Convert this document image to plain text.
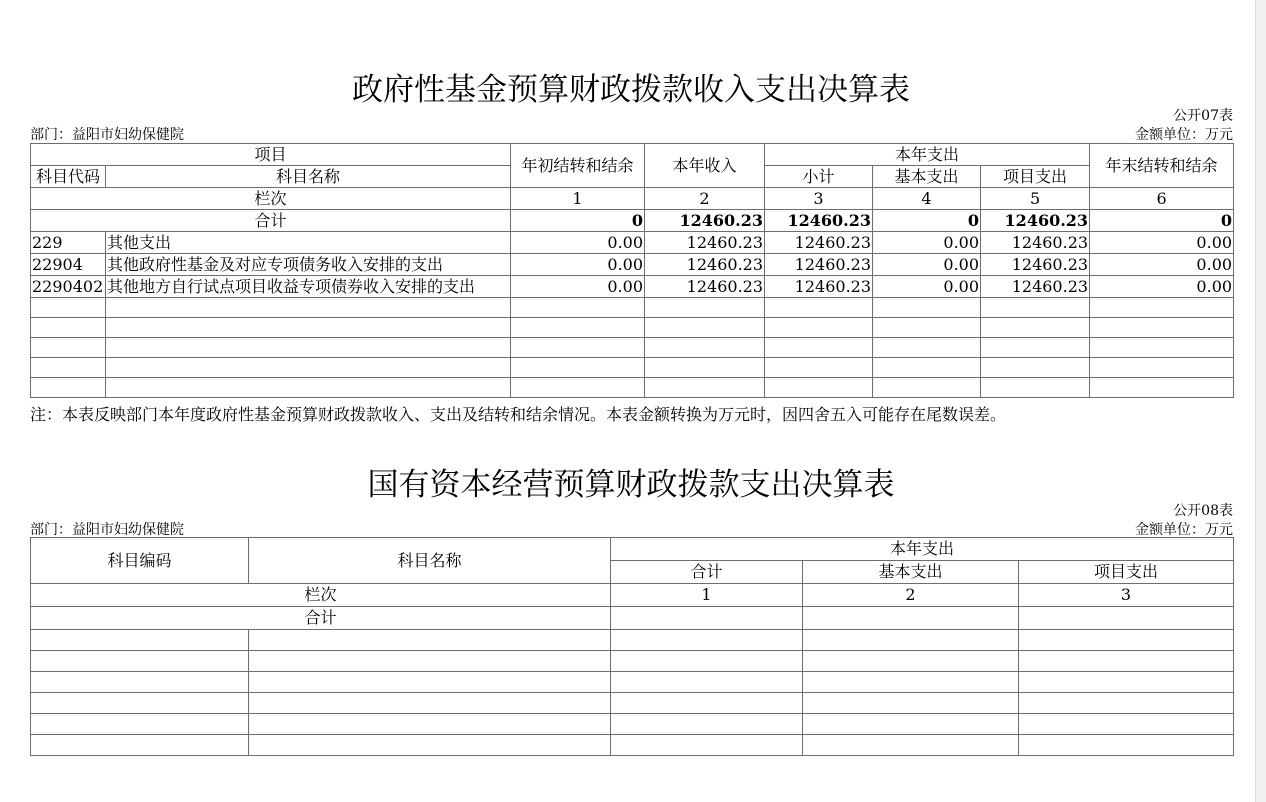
政府性基金预算财政拨款收入支出决算表
公开07表
部门：益阳市妇幼保健院	金额单位：万元
项目		年初结转和结余	本年收入	本年支出			年末结转和结余
科目代码	科目名称			小计	基本支出	项目支出	
栏次		1	2	3	4	5	6
合计		0	12460.23	12460.23	0	12460.23	0
229	其他支出	0.00	12460.23	12460.23	0.00	12460.23	0.00
22904	其他政府性基金及对应专项债务收入安排的支出	0.00	12460.23	12460.23	0.00	12460.23	0.00
2290402	其他地方自行试点项目收益专项债券收入安排的支出	0.00	12460.23	12460.23	0.00	12460.23	0.00

注：本表反映部门本年度政府性基金预算财政拨款收入、支出及结转和结余情况。本表金额转换为万元时，因四舍五入可能存在尾数误差。
国有资本经营预算财政拨款支出决算表
公开08表
部门：益阳市妇幼保健院	金额单位：万元
科目编码	科目名称	本年支出		
		合计	基本支出	项目支出
栏次		1	2	3
合计				
